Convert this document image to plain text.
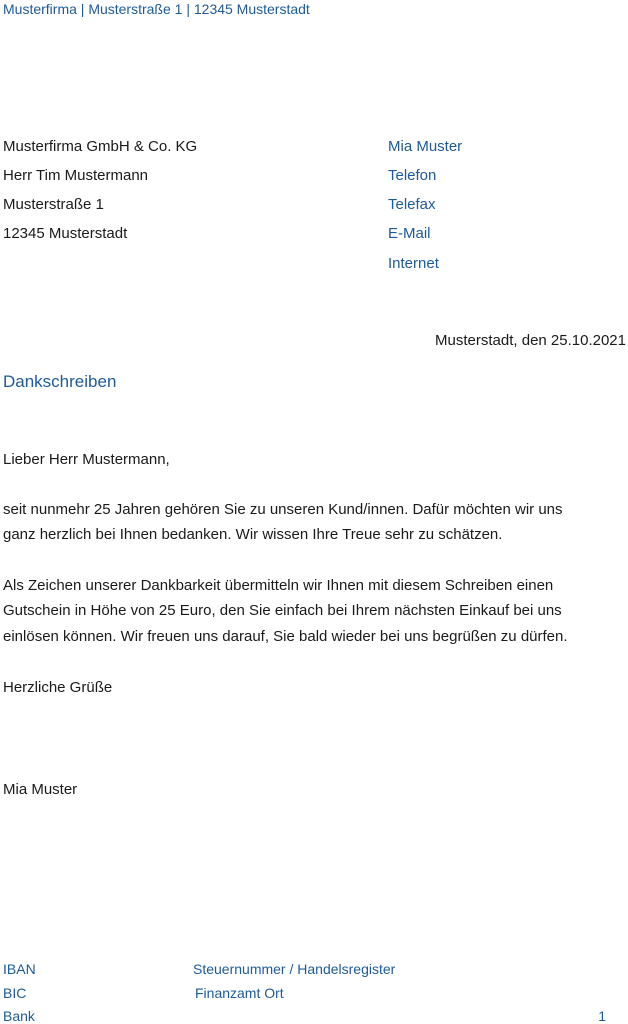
Musterfirma | Musterstraße 1 | 12345 Musterstadt
Musterfirma GmbH & Co. KG
Herr Tim Mustermann
Musterstraße 1
12345 Musterstadt
Mia Muster
Telefon
Telefax
E-Mail
Internet
Musterstadt, den 25.10.2021
Dankschreiben
Lieber Herr Mustermann,
seit nunmehr 25 Jahren gehören Sie zu unseren Kund/innen. Dafür möchten wir uns
ganz herzlich bei Ihnen bedanken. Wir wissen Ihre Treue sehr zu schätzen.
Als Zeichen unserer Dankbarkeit übermitteln wir Ihnen mit diesem Schreiben einen
Gutschein in Höhe von 25 Euro, den Sie einfach bei Ihrem nächsten Einkauf bei uns
einlösen können. Wir freuen uns darauf, Sie bald wieder bei uns begrüßen zu dürfen.
Herzliche Grüße
Mia Muster
IBAN
BIC
Bank
Steuernummer / Handelsregister
Finanzamt Ort
1
